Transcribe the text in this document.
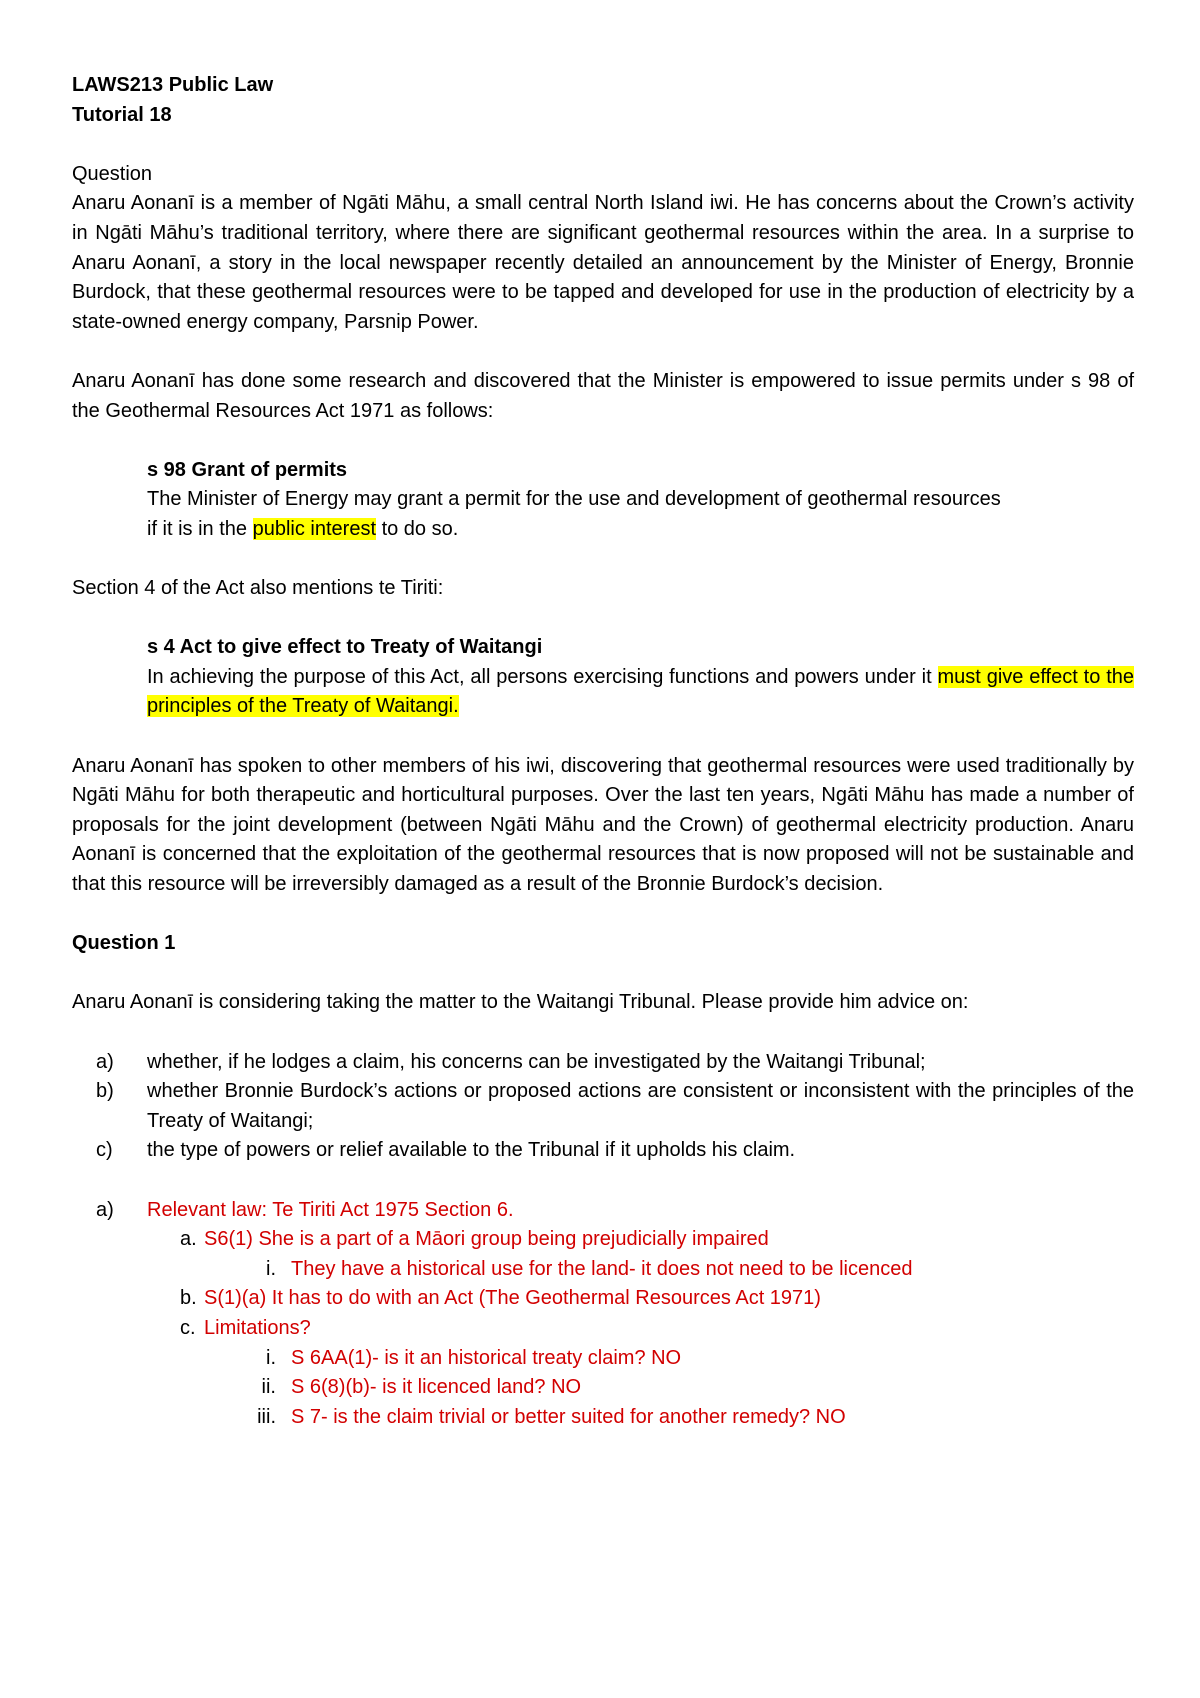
LAWS213 Public Law

Tutorial 18

Question

Anaru Aonanī is a member of Ngāti Māhu, a small central North Island iwi. He has concerns about the Crown’s activity in Ngāti Māhu’s traditional territory, where there are significant geothermal resources within the area. In a surprise to Anaru Aonanī, a story in the local newspaper recently detailed an announcement by the Minister of Energy, Bronnie Burdock, that these geothermal resources were to be tapped and developed for use in the production of electricity by a state-owned energy company, Parsnip Power.

Anaru Aonanī has done some research and discovered that the Minister is empowered to issue permits under s 98 of the Geothermal Resources Act 1971 as follows:

s 98 Grant of permits

The Minister of Energy may grant a permit for the use and development of geothermal resources

if it is in the public interest to do so.

Section 4 of the Act also mentions te Tiriti:

s 4 Act to give effect to Treaty of Waitangi

In achieving the purpose of this Act, all persons exercising functions and powers under it must give effect to the principles of the Treaty of Waitangi.

Anaru Aonanī has spoken to other members of his iwi, discovering that geothermal resources were used traditionally by Ngāti Māhu for both therapeutic and horticultural purposes. Over the last ten years, Ngāti Māhu has made a number of proposals for the joint development (between Ngāti Māhu and the Crown) of geothermal electricity production. Anaru Aonanī is concerned that the exploitation of the geothermal resources that is now proposed will not be sustainable and that this resource will be irreversibly damaged as a result of the Bronnie Burdock’s decision.

Question 1

Anaru Aonanī is considering taking the matter to the Waitangi Tribunal. Please provide him advice on:

a)	whether, if he lodges a claim, his concerns can be investigated by the Waitangi Tribunal;
b)	whether Bronnie Burdock’s actions or proposed actions are consistent or inconsistent with the principles of the Treaty of Waitangi;
c)	the type of powers or relief available to the Tribunal if it upholds his claim.
a) Relevant law: Te Tiriti Act 1975 Section 6.
a. S6(1) She is a part of a Māori group being prejudicially impaired
i. They have a historical use for the land- it does not need to be licenced
b. S(1)(a) It has to do with an Act (The Geothermal Resources Act 1971)
c. Limitations?
i. S 6AA(1)- is it an historical treaty claim? NO
ii. S 6(8)(b)- is it licenced land? NO
iii. S 7- is the claim trivial or better suited for another remedy? NO
